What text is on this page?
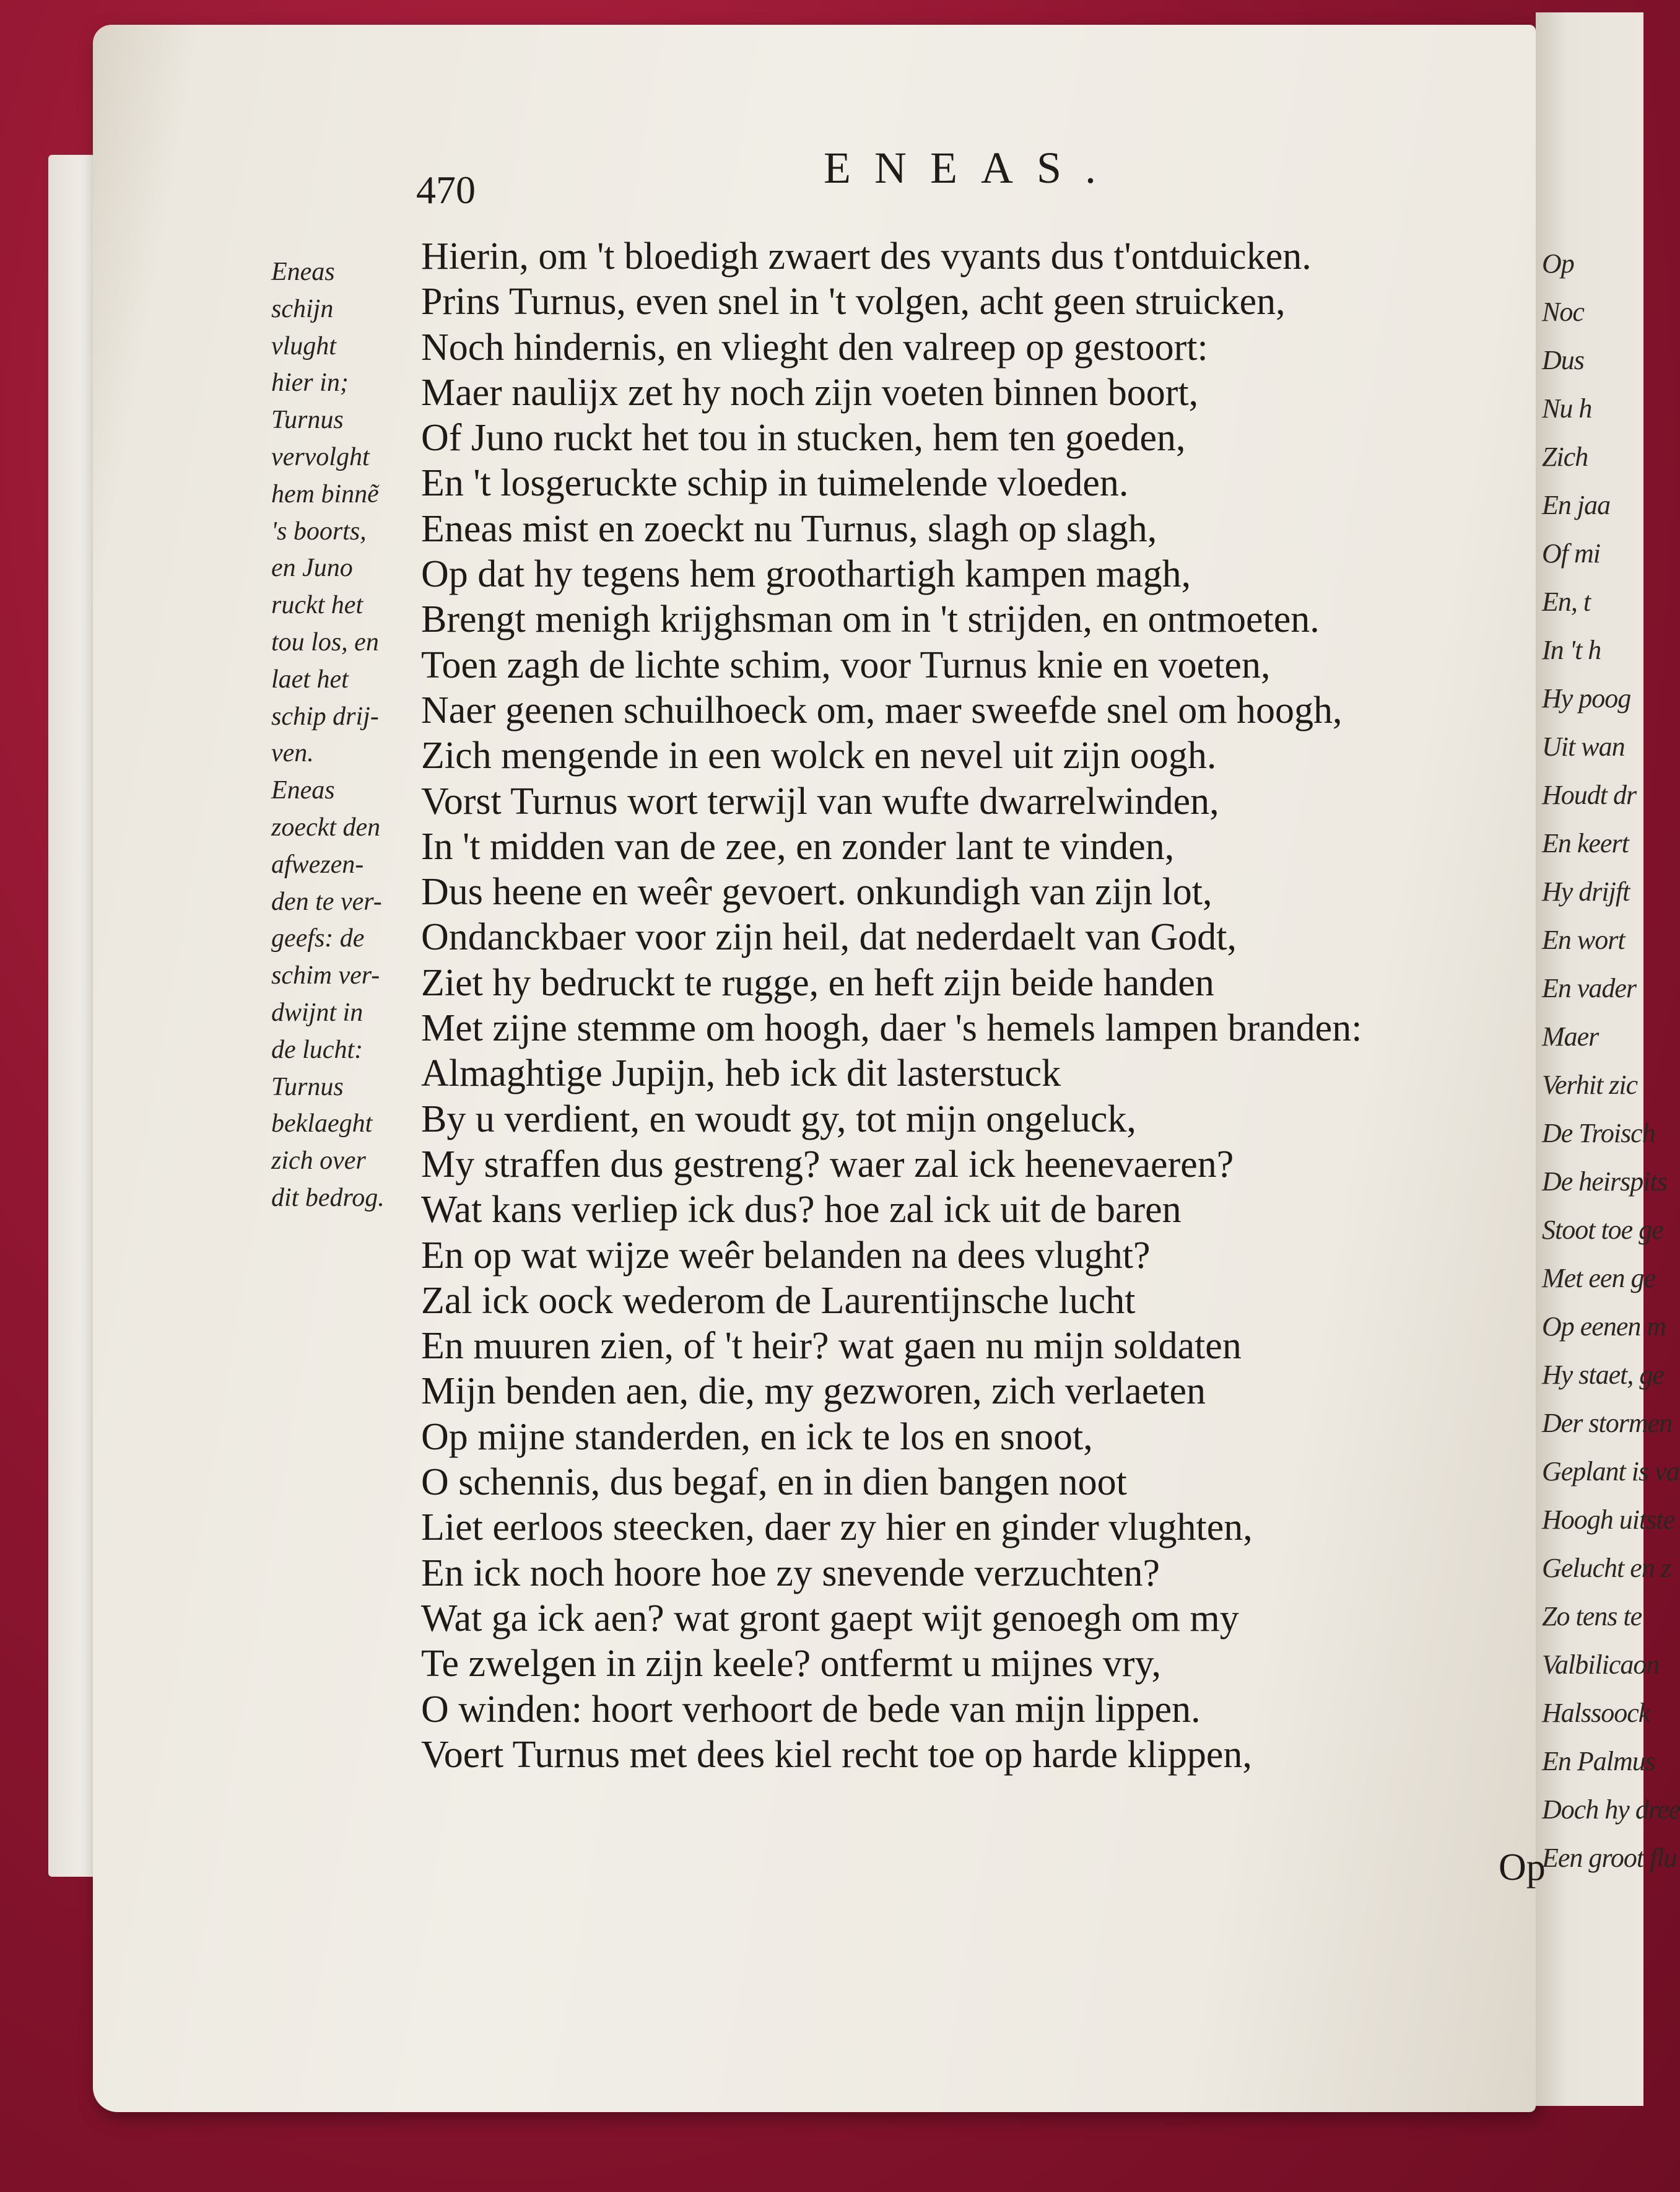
Op
Noc
Dus
Nu h
Zich
En jaa
Of mi
En, t
In 't h
Hy poog
Uit wan
Houdt dr
En keert
Hy drijft
En wort
En vader
Maer
Verhit zic
De Troisch
De heirspits
Stoot toe ge
Met een ge
Op eenen m
Hy staet, ge
Der stormen
Geplant is va
Hoogh uitste
Gelucht en z
Zo tens te
Valbilicaon
Halssoock
En Palmus
Doch hy dree
Een groot flu
470	ENEAS.
Eneas
schijn
vlught
hier in;
Turnus
vervolght
hem binnẽ
's boorts,
en Juno
ruckt het
tou los, en
laet het
schip drij-
ven.
Eneas
zoeckt den
afwezen-
den te ver-
geefs: de
schim ver-
dwijnt in
de lucht:
Turnus
beklaeght
zich over
dit bedrog.
Hierin, om 't bloedigh zwaert des vyants dus t'ontduicken.
Prins Turnus, even snel in 't volgen, acht geen struicken,
Noch hindernis, en vlieght den valreep op gestoort:
Maer naulijx zet hy noch zijn voeten binnen boort,
Of Juno ruckt het tou in stucken, hem ten goeden,
En 't losgeruckte schip in tuimelende vloeden.
Eneas mist en zoeckt nu Turnus, slagh op slagh,
Op dat hy tegens hem groothartigh kampen magh,
Brengt menigh krijghsman om in 't strijden, en ontmoeten.
Toen zagh de lichte schim, voor Turnus knie en voeten,
Naer geenen schuilhoeck om, maer sweefde snel om hoogh,
Zich mengende in een wolck en nevel uit zijn oogh.
Vorst Turnus wort terwijl van wufte dwarrelwinden,
In 't midden van de zee, en zonder lant te vinden,
Dus heene en weêr gevoert. onkundigh van zijn lot,
Ondanckbaer voor zijn heil, dat nederdaelt van Godt,
Ziet hy bedruckt te rugge, en heft zijn beide handen
Met zijne stemme om hoogh, daer 's hemels lampen branden:
Almaghtige Jupijn, heb ick dit lasterstuck
By u verdient, en woudt gy, tot mijn ongeluck,
My straffen dus gestreng? waer zal ick heenevaeren?
Wat kans verliep ick dus? hoe zal ick uit de baren
En op wat wijze weêr belanden na dees vlught?
Zal ick oock wederom de Laurentijnsche lucht
En muuren zien, of 't heir? wat gaen nu mijn soldaten
Mijn benden aen, die, my gezworen, zich verlaeten
Op mijne standerden, en ick te los en snoot,
O schennis, dus begaf, en in dien bangen noot
Liet eerloos steecken, daer zy hier en ginder vlughten,
En ick noch hoore hoe zy snevende verzuchten?
Wat ga ick aen? wat gront gaept wijt genoegh om my
Te zwelgen in zijn keele? ontfermt u mijnes vry,
O winden: hoort verhoort de bede van mijn lippen.
Voert Turnus met dees kiel recht toe op harde klippen,
Op
